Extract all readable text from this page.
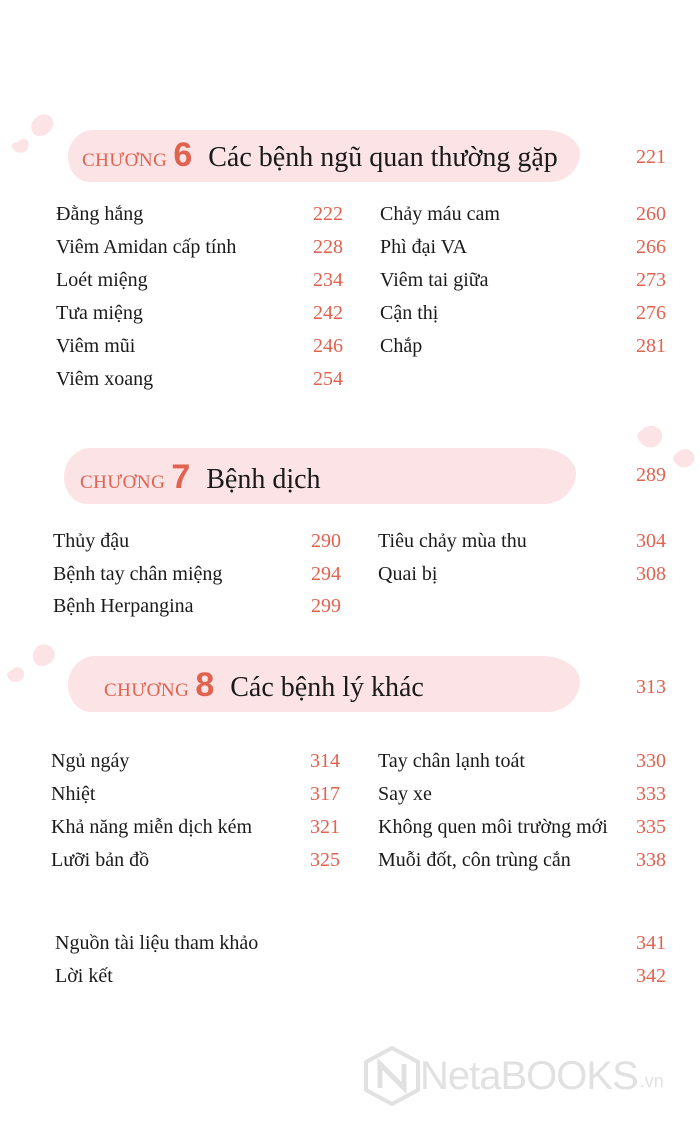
CHƯƠNG 6 Các bệnh ngũ quan thường gặp	221
Đằng hắng	222
Viêm Amidan cấp tính	228
Loét miệng	234
Tưa miệng	242
Viêm mũi	246
Viêm xoang	254
Chảy máu cam	260
Phì đại VA	266
Viêm tai giữa	273
Cận thị	276
Chắp	281
CHƯƠNG 7 Bệnh dịch	289
Thủy đậu	290
Bệnh tay chân miệng	294
Bệnh Herpangina	299
Tiêu chảy mùa thu	304
Quai bị	308
CHƯƠNG 8 Các bệnh lý khác	313
Ngủ ngáy	314
Nhiệt	317
Khả năng miễn dịch kém	321
Lưỡi bản đồ	325
Tay chân lạnh toát	330
Say xe	333
Không quen môi trường mới	335
Muỗi đốt, côn trùng cắn	338
Nguồn tài liệu tham khảo	341
Lời kết	342
NetaBOOKS .vn
